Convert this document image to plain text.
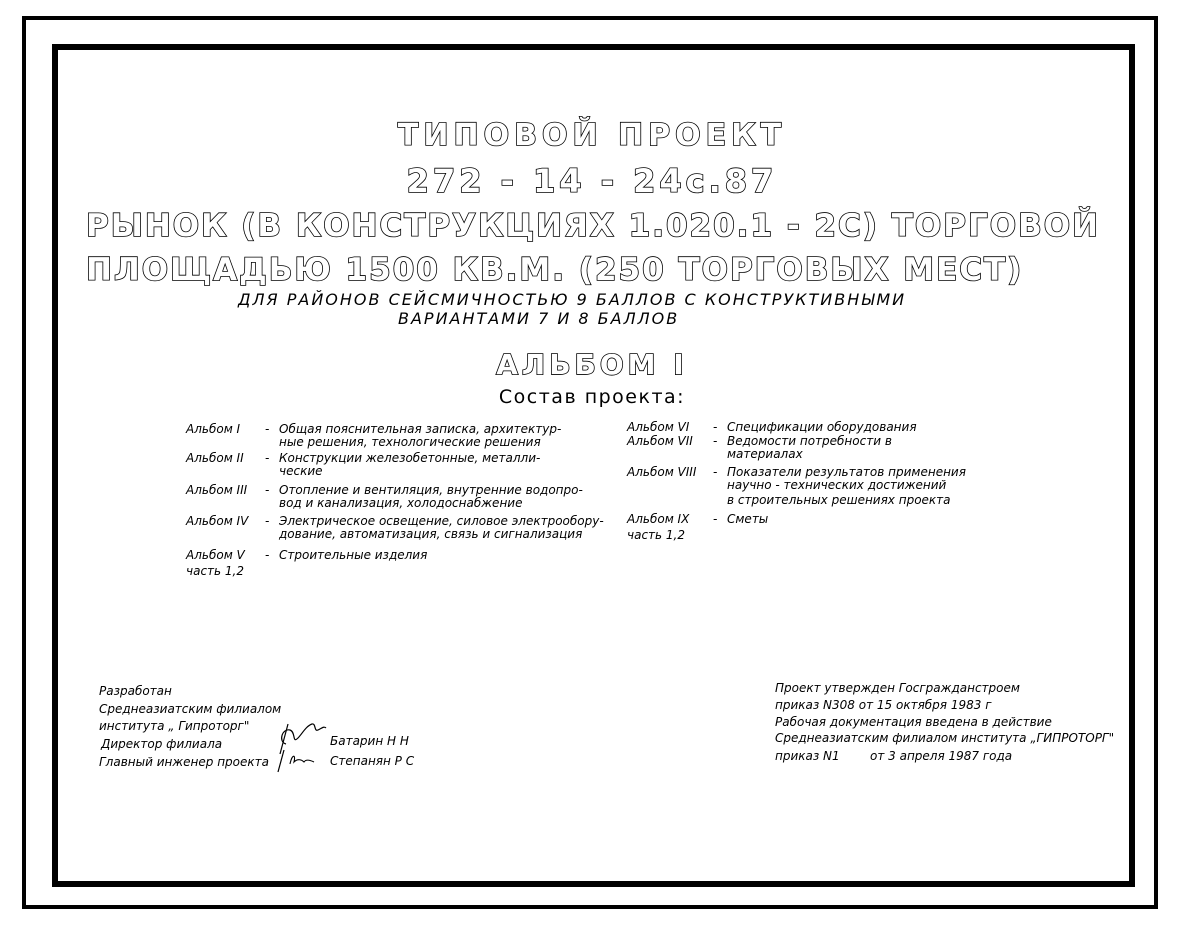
ТИПОВОЙ ПРОЕКТ
272 - 14 - 24с.87
РЫНОК (В КОНСТРУКЦИЯХ 1.020.1 - 2С) ТОРГОВОЙ
ПЛОЩАДЬЮ 1500 КВ.М. (250 ТОРГОВЫХ МЕСТ)
ДЛЯ РАЙОНОВ СЕЙСМИЧНОСТЬЮ 9 БАЛЛОВ С КОНСТРУКТИВНЫМИ
ВАРИАНТАМИ 7 И 8 БАЛЛОВ
АЛЬБОМ I
Состав проекта:
Альбом I - Общая пояснительная записка, архитектур-
ные решения, технологические решения
Альбом II - Конструкции железобетонные, металли-
ческие
Альбом III - Отопление и вентиляция, внутренние водопро-
вод и канализация, холодоснабжение
Альбом IV - Электрическое освещение, силовое электрообору-
дование, автоматизация, связь и сигнализация
Альбом V - Строительные изделия
часть 1,2
Альбом VI - Спецификации оборудования
Альбом VII - Ведомости потребности в
материалах
Альбом VIII - Показатели результатов применения
научно - технических достижений
в строительных решениях проекта
Альбом IX - Сметы
часть 1,2
Разработан
Среднеазиатским филиалом
института „ Гипроторг"
Директор филиала	Батарин Н Н
Главный инженер проекта	Степанян Р С
Проект утвержден Госгражданстроем
приказ N308 от 15 октября 1983 г
Рабочая документация введена в действие
Среднеазиатским филиалом института „ГИПРОТОРГ"
приказ N1	от 3 апреля 1987 года
